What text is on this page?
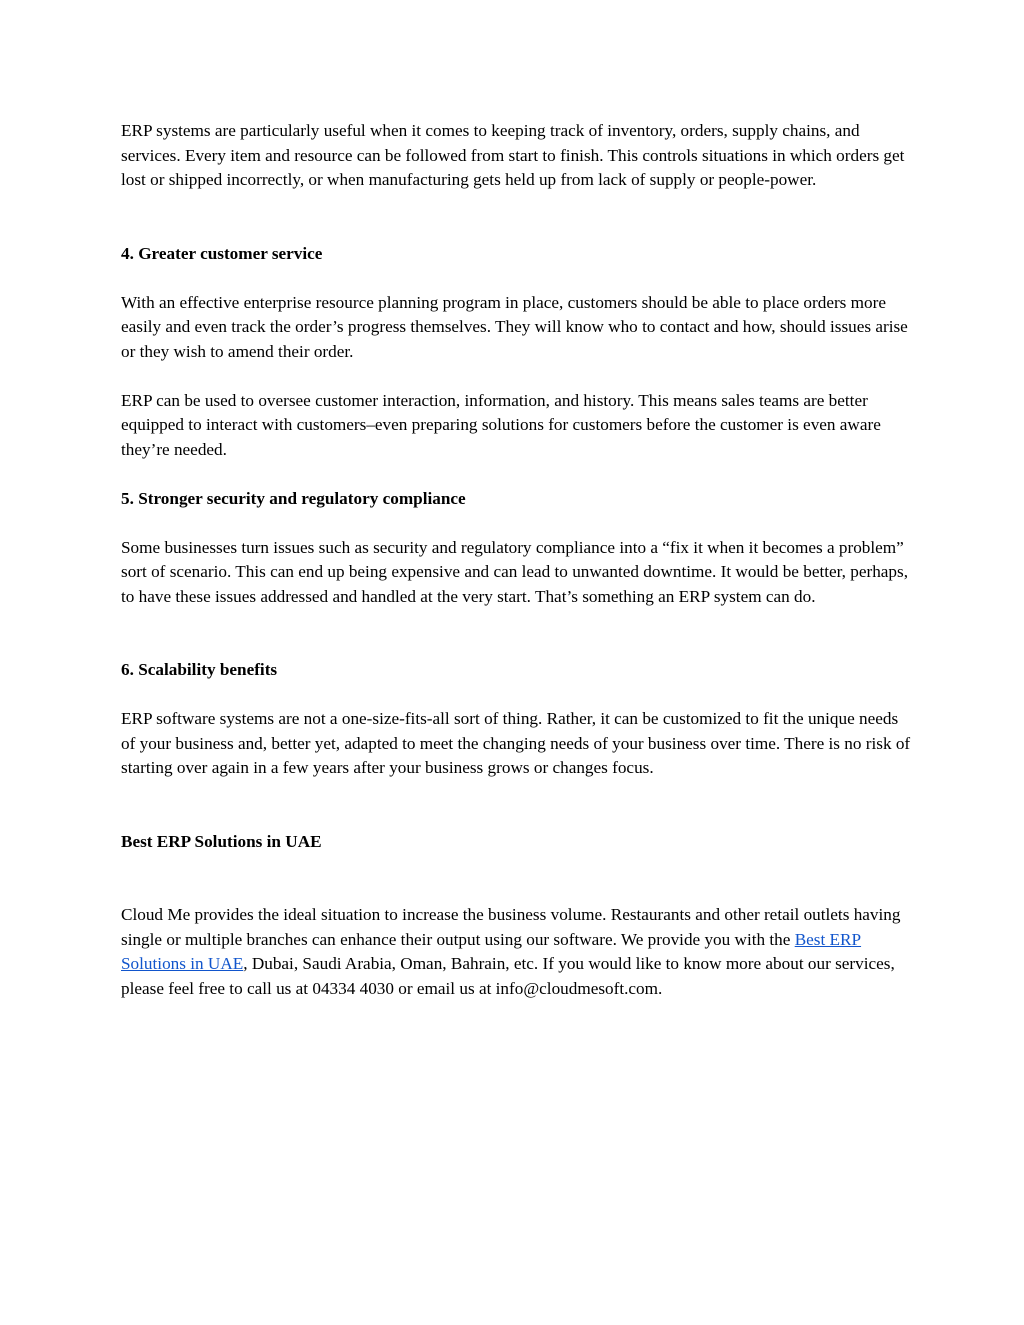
ERP systems are particularly useful when it comes to keeping track of inventory, orders, supply chains, and services. Every item and resource can be followed from start to finish. This controls situations in which orders get lost or shipped incorrectly, or when manufacturing gets held up from lack of supply or people-power.

4. Greater customer service

With an effective enterprise resource planning program in place, customers should be able to place orders more easily and even track the order’s progress themselves. They will know who to contact and how, should issues arise or they wish to amend their order.

ERP can be used to oversee customer interaction, information, and history. This means sales teams are better equipped to interact with customers–even preparing solutions for customers before the customer is even aware they’re needed.

5. Stronger security and regulatory compliance

Some businesses turn issues such as security and regulatory compliance into a “fix it when it becomes a problem” sort of scenario. This can end up being expensive and can lead to unwanted downtime. It would be better, perhaps, to have these issues addressed and handled at the very start. That’s something an ERP system can do.

6. Scalability benefits

ERP software systems are not a one-size-fits-all sort of thing. Rather, it can be customized to fit the unique needs of your business and, better yet, adapted to meet the changing needs of your business over time. There is no risk of starting over again in a few years after your business grows or changes focus.

Best ERP Solutions in UAE

Cloud Me provides the ideal situation to increase the business volume. Restaurants and other retail outlets having single or multiple branches can enhance their output using our software. We provide you with the Best ERP Solutions in UAE, Dubai, Saudi Arabia, Oman, Bahrain, etc. If you would like to know more about our services, please feel free to call us at 04334 4030 or email us at info@cloudmesoft.com.
